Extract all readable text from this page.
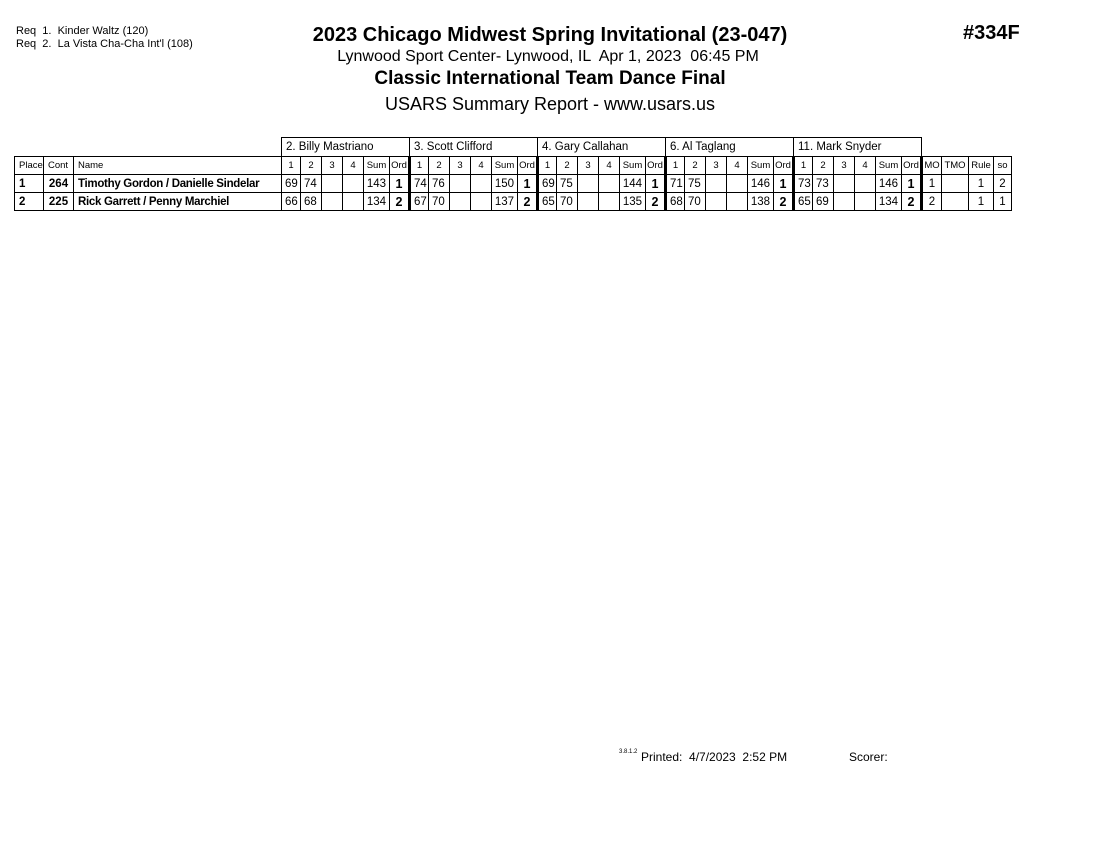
Req  1.  Kinder Waltz (120)
Req  2.  La Vista Cha-Cha Int'l (108)	2023 Chicago Midwest Spring Invitational (23-047)
Lynwood Sport Center- Lynwood, IL  Apr 1, 2023  06:45 PM
Classic International Team Dance Final
USARS Summary Report - www.usars.us
#334F
			2. Billy Mastriano						3. Scott Clifford						4. Gary Callahan						6. Al Taglang						11. Mark Snyder									
Place	Cont	Name	1	2	3	4	Sum	Ord	1	2	3	4	Sum	Ord	1	2	3	4	Sum	Ord	1	2	3	4	Sum	Ord	1	2	3	4	Sum	Ord	MO	TMO	Rule	so
1	264	Timothy Gordon / Danielle Sindelar	69	74			143	1	74	76			150	1	69	75			144	1	71	75			146	1	73	73			146	1	1		1	2
2	225	Rick Garrett / Penny Marchiel	66	68			134	2	67	70			137	2	65	70			135	2	68	70			138	2	65	69			134	2	2		1	1
3.8.1.2 Printed:  4/7/2023  2:52 PM	Scorer:
